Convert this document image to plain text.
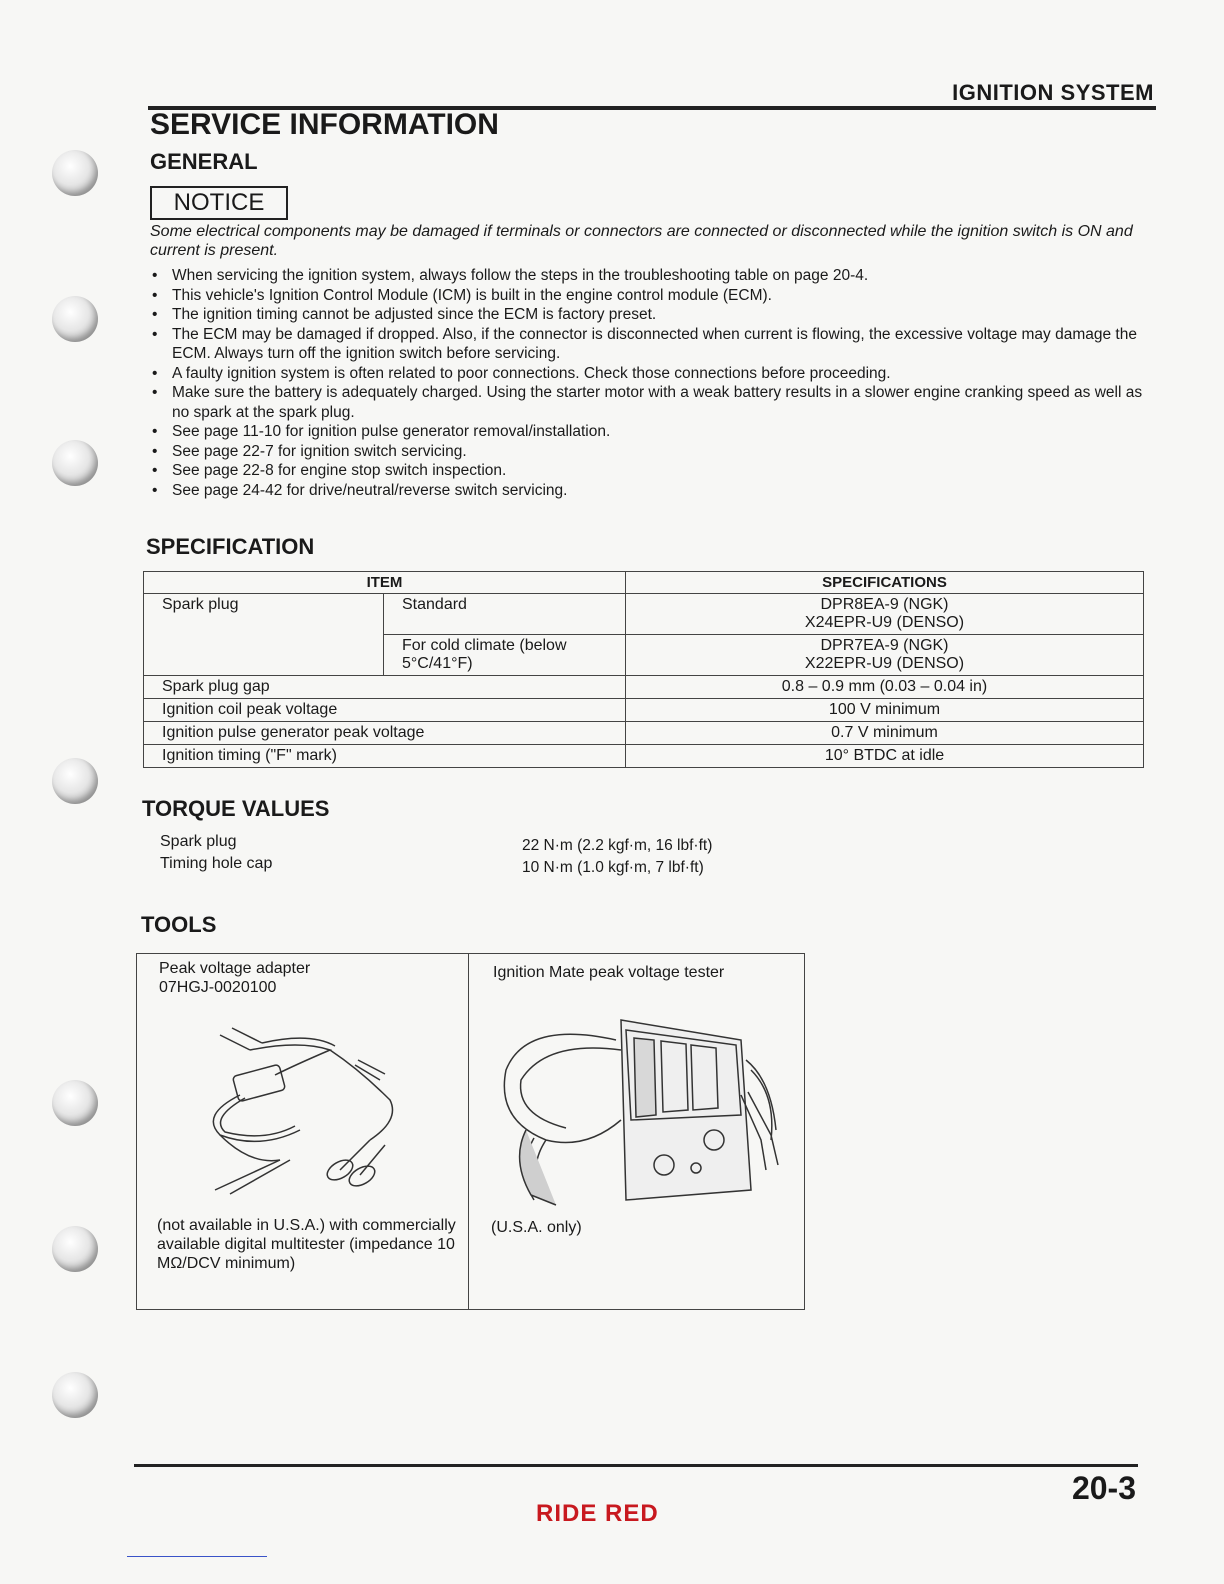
IGNITION SYSTEM
SERVICE INFORMATION
GENERAL
NOTICE
Some electrical components may be damaged if terminals or connectors are connected or disconnected while the ignition switch is ON and current is present.
• When servicing the ignition system, always follow the steps in the troubleshooting table on page 20-4.
• This vehicle's Ignition Control Module (ICM) is built in the engine control module (ECM).
• The ignition timing cannot be adjusted since the ECM is factory preset.
• The ECM may be damaged if dropped. Also, if the connector is disconnected when current is flowing, the excessive voltage may damage the ECM. Always turn off the ignition switch before servicing.
• A faulty ignition system is often related to poor connections. Check those connections before proceeding.
• Make sure the battery is adequately charged. Using the starter motor with a weak battery results in a slower engine cranking speed as well as no spark at the spark plug.
• See page 11-10 for ignition pulse generator removal/installation.
• See page 22-7 for ignition switch servicing.
• See page 22-8 for engine stop switch inspection.
• See page 24-42 for drive/neutral/reverse switch servicing.
SPECIFICATION
ITEM		SPECIFICATIONS
Spark plug	Standard	DPR8EA-9 (NGK)
X24EPR-U9 (DENSO)

	For cold climate (below 5°C/41°F)	DPR7EA-9 (NGK)
X22EPR-U9 (DENSO)

Spark plug gap		0.8 – 0.9 mm (0.03 – 0.04 in)
Ignition coil peak voltage		100 V minimum
Ignition pulse generator peak voltage		0.7 V minimum
Ignition timing ("F" mark)		10° BTDC at idle
TORQUE VALUES
Spark plug	22 N·m (2.2 kgf·m, 16 lbf·ft)
Timing hole cap	10 N·m (1.0 kgf·m, 7 lbf·ft)
TOOLS
Peak voltage adapter
07HGJ-0020100
(not available in U.S.A.) with commercially available digital multitester (impedance 10 MΩ/DCV minimum)
Ignition Mate peak voltage tester
(U.S.A. only)
20-3
RIDE RED
